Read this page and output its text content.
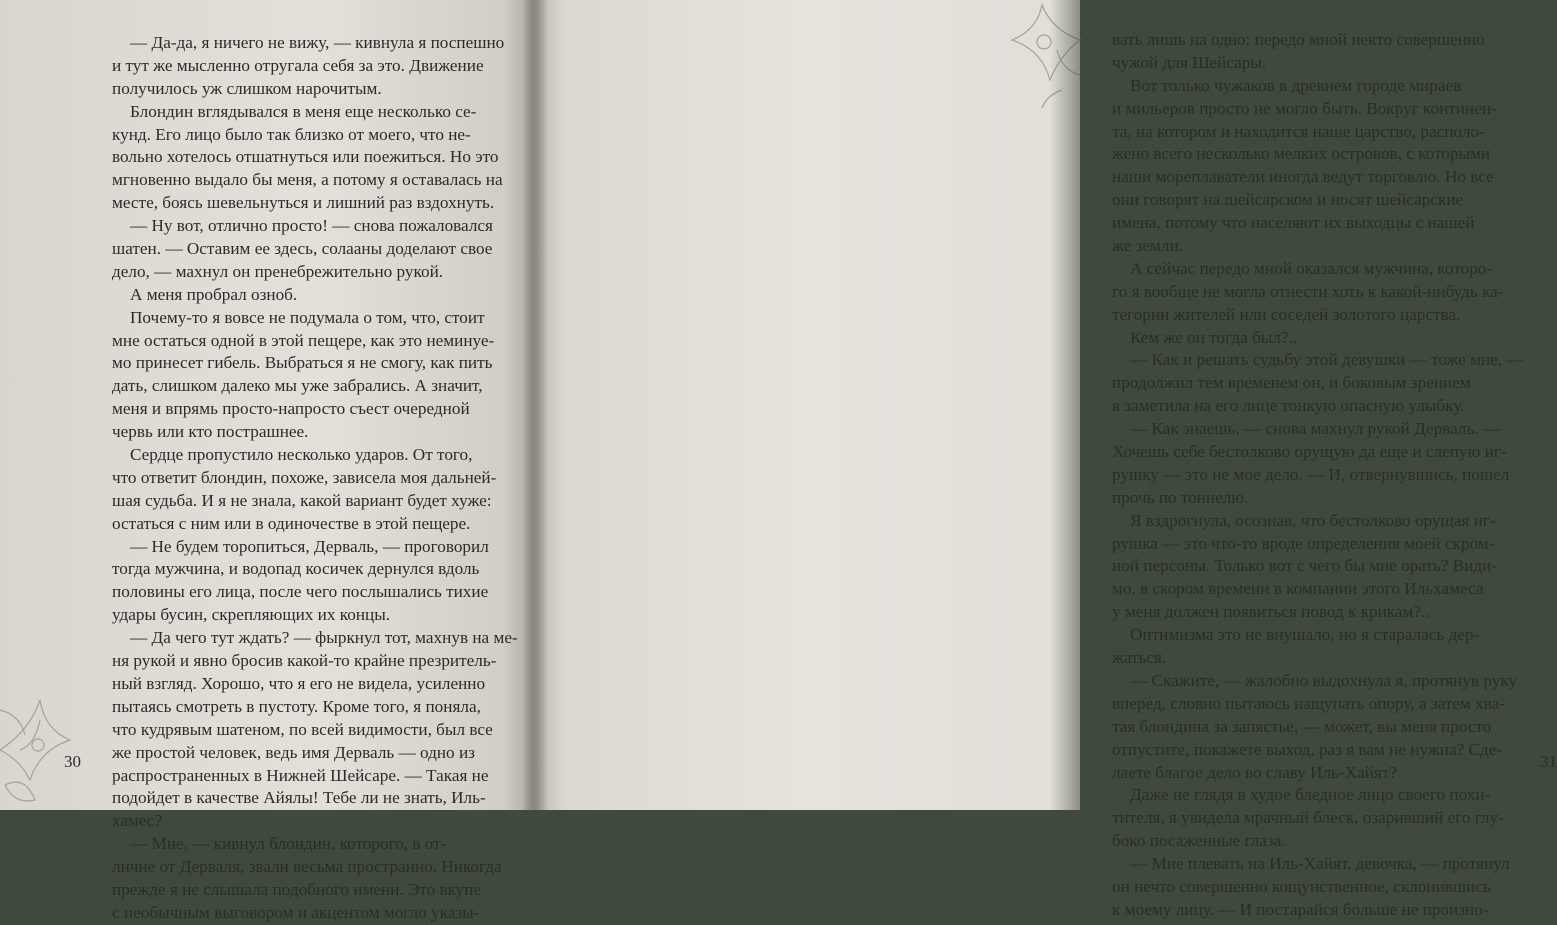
— Да-да, я ничего не вижу, — кивнула я поспешно
и тут же мысленно отругала себя за это. Движение
получилось уж слишком нарочитым.
Блондин вглядывался в меня еще несколько се-
кунд. Его лицо было так близко от моего, что не-
вольно хотелось отшатнуться или поежиться. Но это
мгновенно выдало бы меня, а потому я оставалась на
месте, боясь шевельнуться и лишний раз вздохнуть.
— Ну вот, отлично просто! — снова пожаловался
шатен. — Оставим ее здесь, солааны доделают свое
дело, — махнул он пренебрежительно рукой.
А меня пробрал озноб.
Почему-то я вовсе не подумала о том, что, стоит
мне остаться одной в этой пещере, как это неминуе-
мо принесет гибель. Выбраться я не смогу, как пить
дать, слишком далеко мы уже забрались. А значит,
меня и впрямь просто-напросто съест очередной
червь или кто пострашнее.
Сердце пропустило несколько ударов. От того,
что ответит блондин, похоже, зависела моя дальней-
шая судьба. И я не знала, какой вариант будет хуже:
остаться с ним или в одиночестве в этой пещере.
— Не будем торопиться, Дерваль, — проговорил
тогда мужчина, и водопад косичек дернулся вдоль
половины его лица, после чего послышались тихие
удары бусин, скрепляющих их концы.
— Да чего тут ждать? — фыркнул тот, махнув на ме-
ня рукой и явно бросив какой-то крайне презритель-
ный взгляд. Хорошо, что я его не видела, усиленно
пытаясь смотреть в пустоту. Кроме того, я поняла,
что кудрявым шатеном, по всей видимости, был все
же простой человек, ведь имя Дерваль — одно из
распространенных в Нижней Шейсаре. — Такая не
подойдет в качестве Айялы! Тебе ли не знать, Иль-
хамес?
— Мне, — кивнул блондин, которого, в от-
личие от Дерваля, звали весьма пространно. Никогда
прежде я не слышала подобного имени. Это вкупе
с необычным выговором и акцентом могло указы-
30
вать лишь на одно: передо мной некто совершенно
чужой для Шейсары.
Вот только чужаков в древнем городе мираев
и мильеров просто не могло быть. Вокруг континен-
та, на котором и находится наше царство, располо-
жено всего несколько мелких островов, с которыми
наши мореплаватели иногда ведут торговлю. Но все
они говорят на шейсарском и носят шейсарские
имена, потому что населяют их выходцы с нашей
же земли.
А сейчас передо мной оказался мужчина, которо-
го я вообще не могла отнести хоть к какой-нибудь ка-
тегории жителей или соседей золотого царства.
Кем же он тогда был?..
— Как и решать судьбу этой девушки — тоже мне, —
продолжил тем временем он, и боковым зрением
я заметила на его лице тонкую опасную улыбку.
— Как знаешь, — снова махнул рукой Дерваль. —
Хочешь себе бестолково орущую да еще и слепую иг-
рушку — это не мое дело. — И, отвернувшись, пошел
прочь по тоннелю.
Я вздрогнула, осознав, что бестолково орущая иг-
рушка — это что-то вроде определения моей скром-
ной персоны. Только вот с чего бы мне орать? Види-
мо, в скором времени в компании этого Ильхамеса
у меня должен появиться повод к крикам?..
Оптимизма это не внушало, но я старалась дер-
жаться.
— Скажите, — жалобно выдохнула я, протянув руку
вперед, словно пытаюсь нащупать опору, а затем хва-
тая блондина за запястье, — может, вы меня просто
отпустите, покажете выход, раз я вам не нужна? Сде-
лаете благое дело во славу Иль-Хайят?
Даже не глядя в худое бледное лицо своего похи-
тителя, я увидела мрачный блеск, озаривший его глу-
боко посаженные глаза.
— Мне плевать на Иль-Хайят, девочка, — протянул
он нечто совершенно кощунственное, склонившись
к моему лицу. — И постарайся больше не произно-
31
